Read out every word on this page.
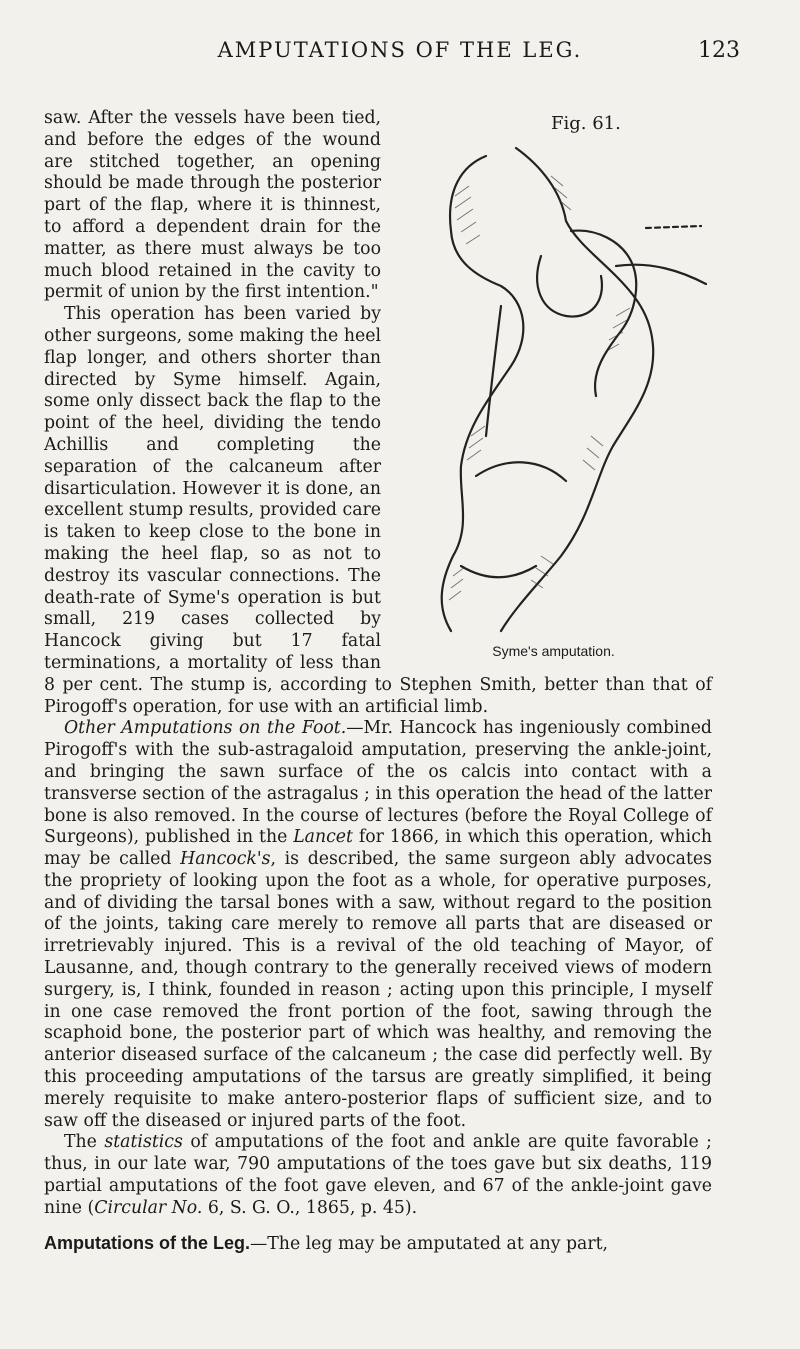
AMPUTATIONS OF THE LEG.	123
Fig. 61.
Syme's amputation.

saw. After the vessels have been tied, and before the edges of the wound are stitched together, an opening should be made through the posterior part of the flap, where it is thinnest, to afford a dependent drain for the matter, as there must always be too much blood retained in the cavity to permit of union by the first intention."

This operation has been varied by other surgeons, some making the heel flap longer, and others shorter than directed by Syme himself. Again, some only dissect back the flap to the point of the heel, dividing the tendo Achillis and completing the separation of the calcaneum after disarticulation. However it is done, an excellent stump results, provided care is taken to keep close to the bone in making the heel flap, so as not to destroy its vascular connections. The death-rate of Syme's operation is but small, 219 cases collected by Hancock giving but 17 fatal terminations, a mortality of less than 8 per cent. The stump is, according to Stephen Smith, better than that of Pirogoff's operation, for use with an artificial limb.

Other Amputations on the Foot.—Mr. Hancock has ingeniously combined Pirogoff's with the sub-astragaloid amputation, preserving the ankle-joint, and bringing the sawn surface of the os calcis into contact with a transverse section of the astragalus ; in this operation the head of the latter bone is also removed. In the course of lectures (before the Royal College of Surgeons), published in the Lancet for 1866, in which this operation, which may be called Hancock's, is described, the same surgeon ably advocates the propriety of looking upon the foot as a whole, for operative purposes, and of dividing the tarsal bones with a saw, without regard to the position of the joints, taking care merely to remove all parts that are diseased or irretrievably injured. This is a revival of the old teaching of Mayor, of Lausanne, and, though contrary to the generally received views of modern surgery, is, I think, founded in reason ; acting upon this principle, I myself in one case removed the front portion of the foot, sawing through the scaphoid bone, the posterior part of which was healthy, and removing the anterior diseased surface of the calcaneum ; the case did perfectly well. By this proceeding amputations of the tarsus are greatly simplified, it being merely requisite to make antero-posterior flaps of sufficient size, and to saw off the diseased or injured parts of the foot.

The statistics of amputations of the foot and ankle are quite favorable ; thus, in our late war, 790 amputations of the toes gave but six deaths, 119 partial amputations of the foot gave eleven, and 67 of the ankle-joint gave nine (Circular No. 6, S. G. O., 1865, p. 45).

Amputations of the Leg.—The leg may be amputated at any part,
